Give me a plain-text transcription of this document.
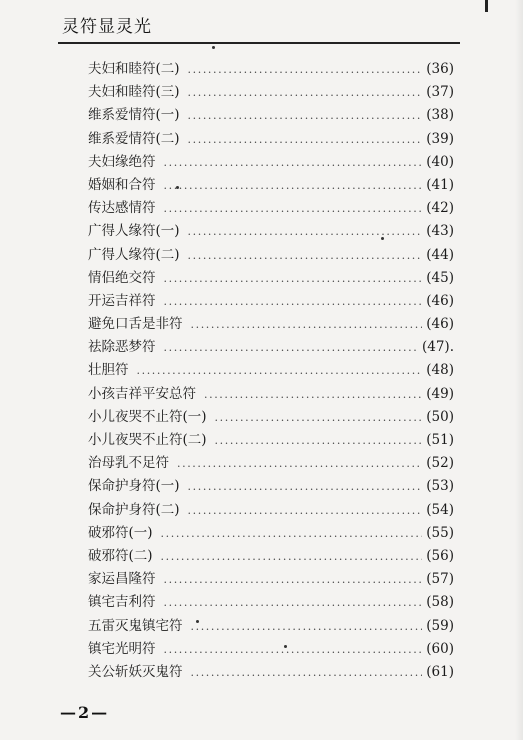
灵符显灵光
夫妇和睦符(二) .....	(36)
夫妇和睦符(三) .....	(37)
维系爱情符(一) .....	(38)
维系爱情符(二) .....	(39)
夫妇缘绝符 .....	(40)
婚姻和合符 .....	(41)
传达感情符 .....	(42)
广得人缘符(一) .....	(43)
广得人缘符(二) .....	(44)
情侣绝交符 .....	(45)
开运吉祥符 .....	(46)
避免口舌是非符 .....	(46)
祛除恶梦符 .....	(47).
壮胆符 .....	(48)
小孩吉祥平安总符 .....	(49)
小儿夜哭不止符(一) .....	(50)
小儿夜哭不止符(二) .....	(51)
治母乳不足符 .....	(52)
保命护身符(一) .....	(53)
保命护身符(二) .....	(54)
破邪符(一) .....	(55)
破邪符(二) .....	(56)
家运昌隆符 .....	(57)
镇宅吉利符 .....	(58)
五雷灭鬼镇宅符 .....	(59)
镇宅光明符 .....	(60)
关公斩妖灭鬼符 .....	(61)
—2—
